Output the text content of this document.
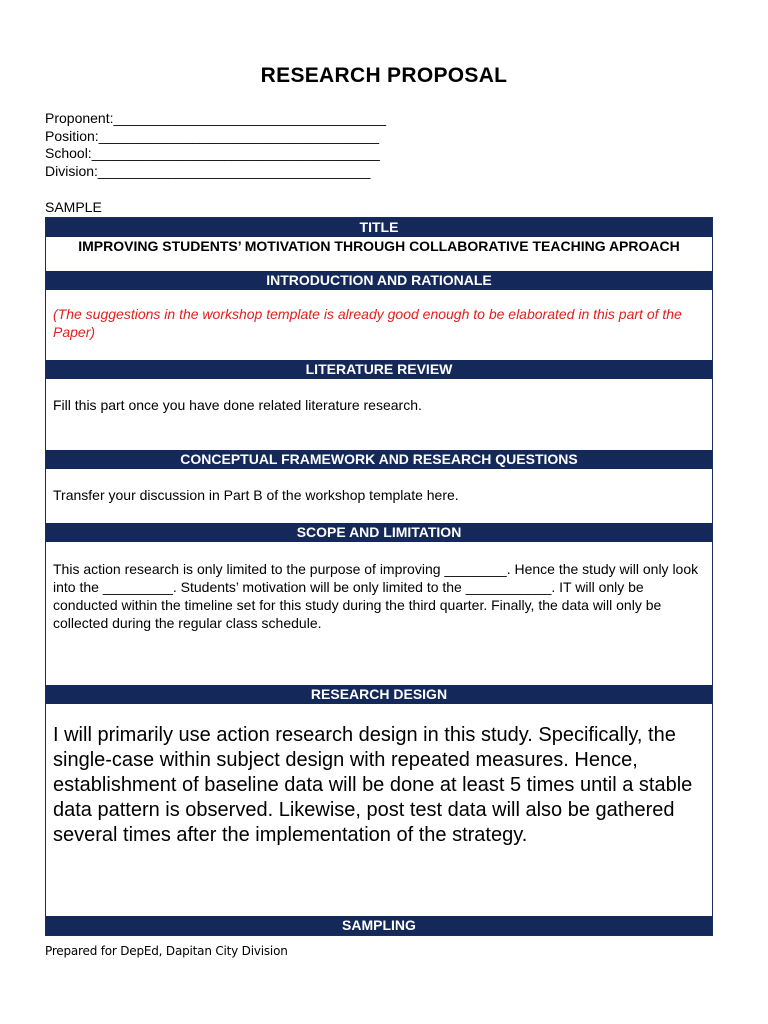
RESEARCH PROPOSAL
Proponent:___________________________________
Position:____________________________________
School:_____________________________________
Division:___________________________________
SAMPLE
TITLE
IMPROVING STUDENTS’ MOTIVATION THROUGH COLLABORATIVE TEACHING APROACH
INTRODUCTION AND RATIONALE
(The suggestions in the workshop template is already good enough to be elaborated in this part of the Paper)
LITERATURE REVIEW
Fill this part once you have done related literature research.
CONCEPTUAL FRAMEWORK AND RESEARCH QUESTIONS
Transfer your discussion in Part B of the workshop template here.
SCOPE AND LIMITATION
This action research is only limited to the purpose of improving ________. Hence the study will only look into the _________. Students’ motivation will be only limited to the ___________. IT will only be conducted within the timeline set for this study during the third quarter. Finally, the data will only be collected during the regular class schedule.
RESEARCH DESIGN
I will primarily use action research design in this study. Specifically, the single-case within subject design with repeated measures. Hence, establishment of baseline data will be done at least 5 times until a stable data pattern is observed. Likewise, post test data will also be gathered several times after the implementation of the strategy.
SAMPLING
Prepared for DepEd, Dapitan City Division
